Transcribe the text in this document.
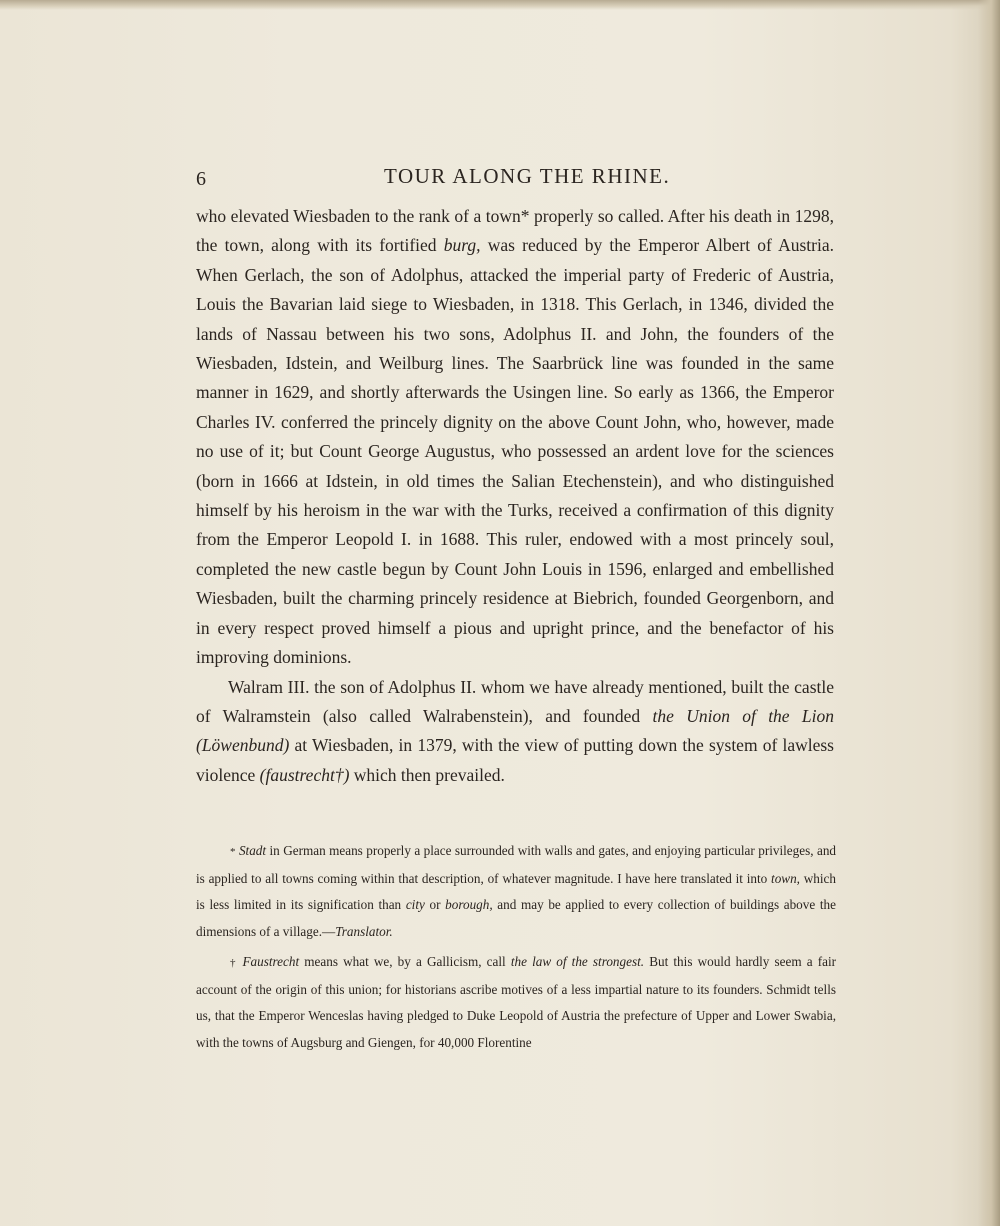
6	TOUR ALONG THE RHINE.

who elevated Wiesbaden to the rank of a town* properly so called. After his death in 1298, the town, along with its fortified burg, was reduced by the Emperor Albert of Austria. When Gerlach, the son of Adolphus, attacked the imperial party of Frederic of Austria, Louis the Bavarian laid siege to Wiesbaden, in 1318. This Gerlach, in 1346, divided the lands of Nassau between his two sons, Adolphus II. and John, the founders of the Wiesbaden, Idstein, and Weilburg lines. The Saarbrück line was founded in the same manner in 1629, and shortly afterwards the Usingen line. So early as 1366, the Emperor Charles IV. conferred the princely dignity on the above Count John, who, however, made no use of it; but Count George Augustus, who possessed an ardent love for the sciences (born in 1666 at Idstein, in old times the Salian Etechenstein), and who distinguished himself by his heroism in the war with the Turks, received a confirmation of this dignity from the Emperor Leopold I. in 1688. This ruler, endowed with a most princely soul, completed the new castle begun by Count John Louis in 1596, enlarged and embellished Wiesbaden, built the charming princely residence at Biebrich, founded Georgenborn, and in every respect proved himself a pious and upright prince, and the benefactor of his improving dominions.

Walram III. the son of Adolphus II. whom we have already mentioned, built the castle of Walramstein (also called Walrabenstein), and founded the Union of the Lion (Löwenbund) at Wiesbaden, in 1379, with the view of putting down the system of lawless violence (faustrecht†) which then prevailed.

* Stadt in German means properly a place surrounded with walls and gates, and enjoying particular privileges, and is applied to all towns coming within that description, of whatever magnitude. I have here translated it into town, which is less limited in its signification than city or borough, and may be applied to every collection of buildings above the dimensions of a village.—Translator.

† Faustrecht means what we, by a Gallicism, call the law of the strongest. But this would hardly seem a fair account of the origin of this union; for historians ascribe motives of a less impartial nature to its founders. Schmidt tells us, that the Emperor Wenceslas having pledged to Duke Leopold of Austria the prefecture of Upper and Lower Swabia, with the towns of Augsburg and Giengen, for 40,000 Florentine
